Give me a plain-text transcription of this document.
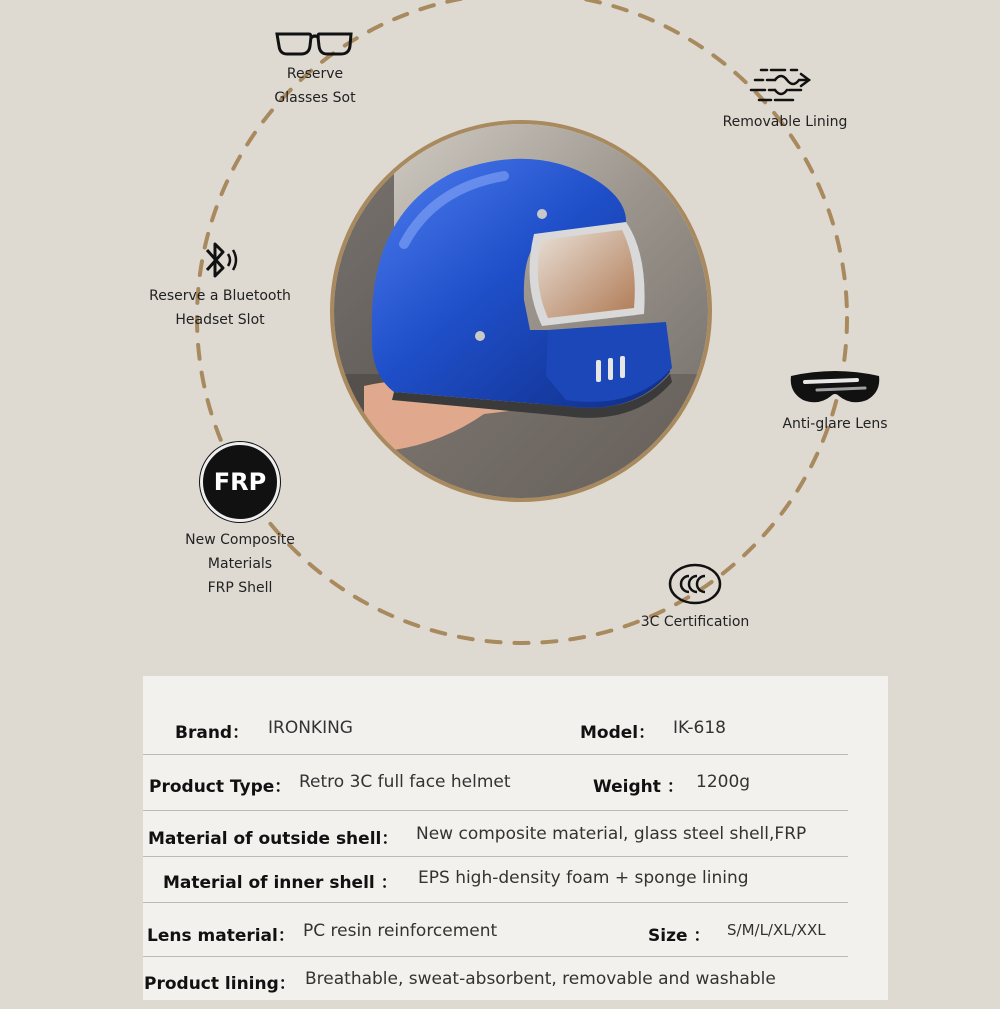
Reserve
Glasses Sot
Removable Lining
Reserve a Bluetooth
Headset Slot
Anti-glare Lens
FRP
New Composite
Materials
FRP Shell
3C Certification
Brand： IRONKING	Model： IK-618
Product Type： Retro 3C full face helmet	Weight ： 1200g
Material of outside shell： New composite material, glass steel shell,FRP
Material of inner shell ： EPS high-density foam + sponge lining
Lens material： PC resin reinforcement	Size ： S/M/L/XL/XXL
Product lining： Breathable, sweat-absorbent, removable and washable
